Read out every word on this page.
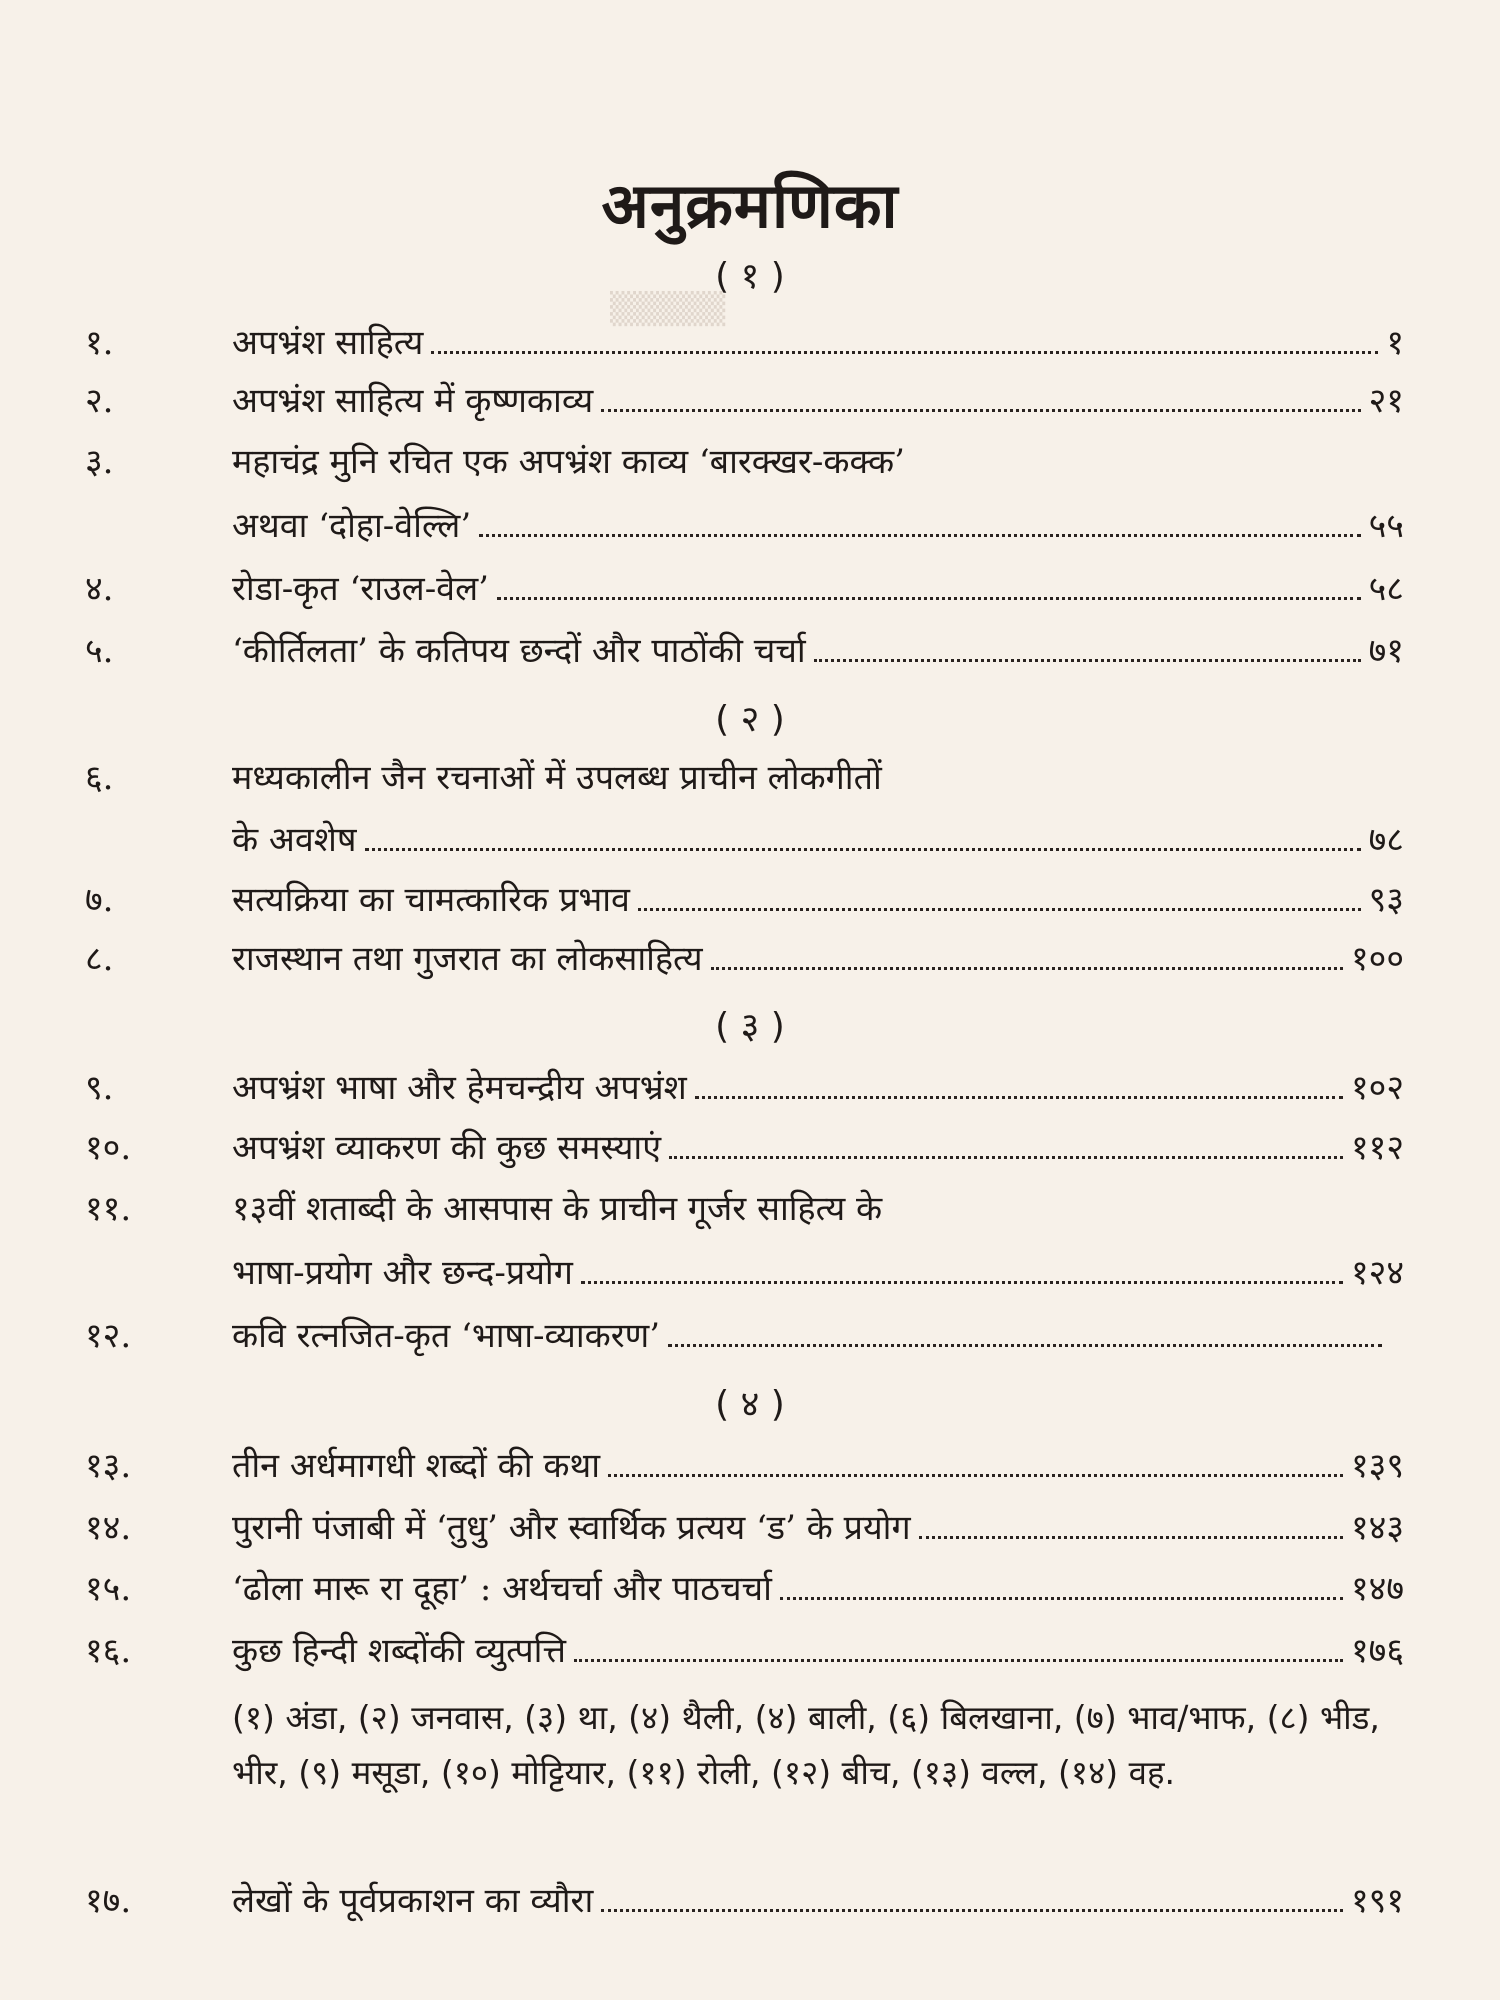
▒▒▒▒▒
अनुक्रमणिका
( १ )
१.	अपभ्रंश साहित्य	१
२.	अपभ्रंश साहित्य में कृष्णकाव्य	२१
३.	महाचंद्र मुनि रचित एक अपभ्रंश काव्य ‘बारक्खर-कक्क’
अथवा ‘दोहा-वेल्लि’	५५
४.	रोडा-कृत ‘राउल-वेल’	५८
५.	‘कीर्तिलता’ के कतिपय छन्दों और पाठोंकी चर्चा	७१
( २ )
६.	मध्यकालीन जैन रचनाओं में उपलब्ध प्राचीन लोकगीतों
के अवशेष	७८
७.	सत्यक्रिया का चामत्कारिक प्रभाव	९३
८.	राजस्थान तथा गुजरात का लोकसाहित्य	१००
( ३ )
९.	अपभ्रंश भाषा और हेमचन्द्रीय अपभ्रंश	१०२
१०.	अपभ्रंश व्याकरण की कुछ समस्याएं	११२
११.	१३वीं शताब्दी के आसपास के प्राचीन गूर्जर साहित्य के
भाषा-प्रयोग और छन्द-प्रयोग	१२४
१२.	कवि रत्नजित-कृत ‘भाषा-व्याकरण’
( ४ )
१३.	तीन अर्धमागधी शब्दों की कथा	१३९
१४.	पुरानी पंजाबी में ‘तुधु’ और स्वार्थिक प्रत्यय ‘ड’ के प्रयोग	१४३
१५.	‘ढोला मारू रा दूहा’ : अर्थचर्चा और पाठचर्चा	१४७
१६.	कुछ हिन्दी शब्दोंकी व्युत्पत्ति	१७६
(१) अंडा, (२) जनवास, (३) था, (४) थैली, (४) बाली, (६) बिलखाना, (७) भाव/भाफ, (८) भीड, भीर, (९) मसूडा, (१०) मोट्टियार, (११) रोली, (१२) बीच, (१३) वल्ल, (१४) वह.
१७.	लेखों के पूर्वप्रकाशन का व्यौरा	१९१
